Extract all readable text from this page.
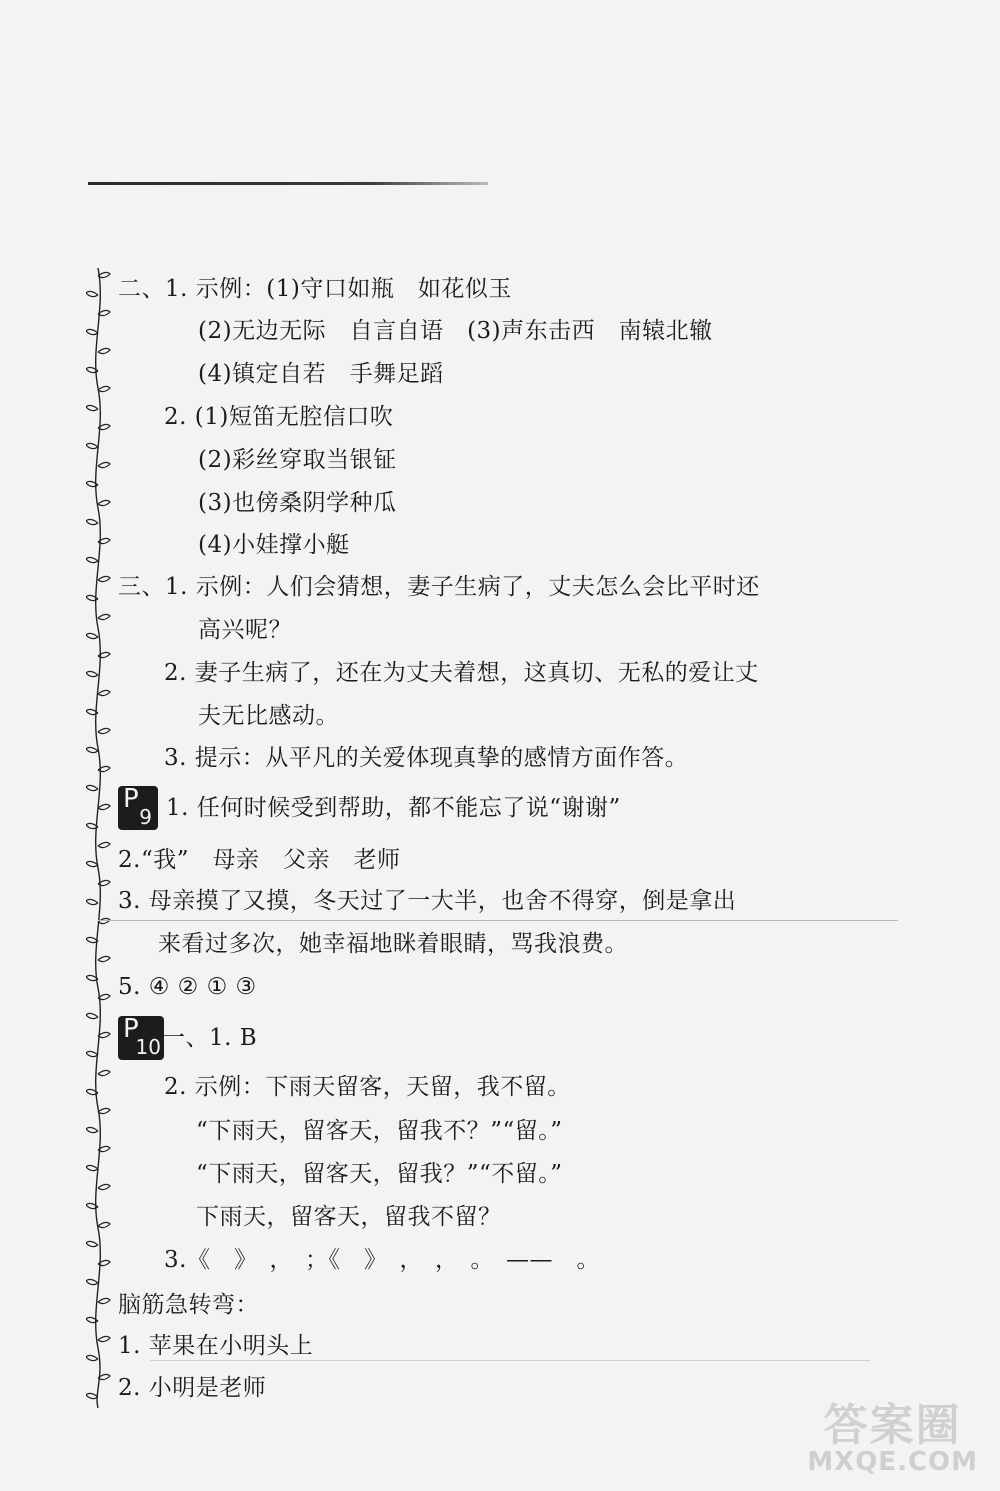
二、1. 示例：(1)守口如瓶　如花似玉
(2)无边无际　自言自语　(3)声东击西　南辕北辙
(4)镇定自若　手舞足蹈
2. (1)短笛无腔信口吹
(2)彩丝穿取当银钲
(3)也傍桑阴学种瓜
(4)小娃撑小艇
三、1. 示例：人们会猜想，妻子生病了，丈夫怎么会比平时还
高兴呢？
2. 妻子生病了，还在为丈夫着想，这真切、无私的爱让丈
夫无比感动。
3. 提示：从平凡的关爱体现真挚的感情方面作答。
P
9 1. 任何时候受到帮助，都不能忘了说“谢谢”
2.“我”　母亲　父亲　老师
3. 母亲摸了又摸，冬天过了一大半，也舍不得穿，倒是拿出
来看过多次，她幸福地眯着眼睛，骂我浪费。
5. ④ ② ① ③
P
10 一、1. B
2. 示例：下雨天留客，天留，我不留。
“下雨天，留客天，留我不？”“留。”
“下雨天，留客天，留我？”“不留。”
下雨天，留客天，留我不留？
3.《　》　，　；《　》　，　，　。　——　。
脑筋急转弯：
1. 苹果在小明头上
2. 小明是老师
答案圈
MXQE.COM
